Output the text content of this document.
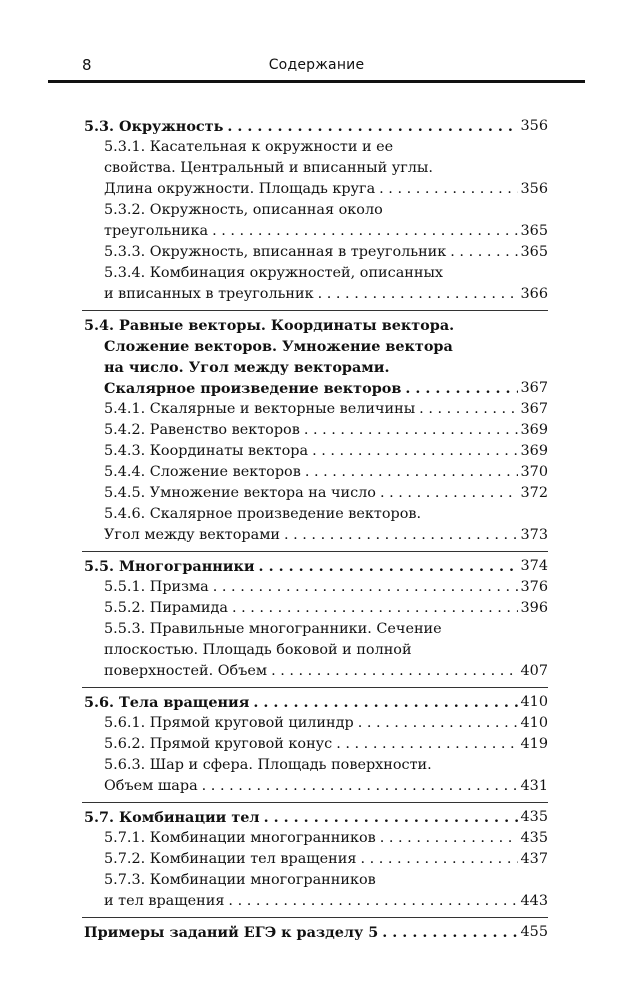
8	Содержание
5.3. Окружность . . .	356
5.3.1. Касательная к окружности и ее
свойства. Центральный и вписанный углы.
Длина окружности. Площадь круга . . .	356
5.3.2. Окружность, описанная около
треугольника . . .	365
5.3.3. Окружность, вписанная в треугольник . . .	365
5.3.4. Комбинация окружностей, описанных
и вписанных в треугольник . . .	366
5.4. Равные векторы. Координаты вектора.
Сложение векторов. Умножение вектора
на число. Угол между векторами.
Скалярное произведение векторов . . .	367
5.4.1. Скалярные и векторные величины . . .	367
5.4.2. Равенство векторов . . .	369
5.4.3. Координаты вектора . . .	369
5.4.4. Сложение векторов . . .	370
5.4.5. Умножение вектора на число . . .	372
5.4.6. Скалярное произведение векторов.
Угол между векторами . . .	373
5.5. Многогранники . . .	374
5.5.1. Призма . . .	376
5.5.2. Пирамида . . .	396
5.5.3. Правильные многогранники. Сечение
плоскостью. Площадь боковой и полной
поверхностей. Объем . . .	407
5.6. Тела вращения . . .	410
5.6.1. Прямой круговой цилиндр . . .	410
5.6.2. Прямой круговой конус . . .	419
5.6.3. Шар и сфера. Площадь поверхности.
Объем шара . . .	431
5.7. Комбинации тел . . .	435
5.7.1. Комбинации многогранников . . .	435
5.7.2. Комбинации тел вращения . . .	437
5.7.3. Комбинации многогранников
и тел вращения . . .	443
Примеры заданий ЕГЭ к разделу 5 . . .	455
